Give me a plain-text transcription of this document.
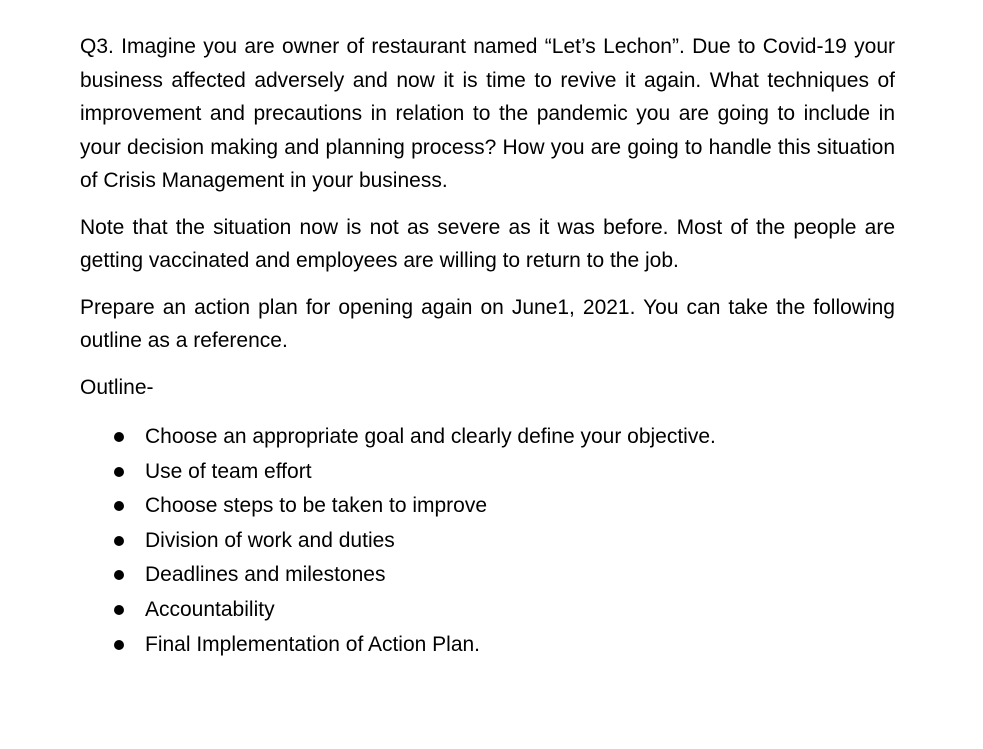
Q3. Imagine you are owner of restaurant named “Let’s Lechon”. Due to Covid-19 your business affected adversely and now it is time to revive it again. What techniques of improvement and precautions in relation to the pandemic you are going to include in your decision making and planning process? How you are going to handle this situation of Crisis Management in your business.

Note that the situation now is not as severe as it was before. Most of the people are getting vaccinated and employees are willing to return to the job.

Prepare an action plan for opening again on June1, 2021. You can take the following outline as a reference.

Outline-

Choose an appropriate goal and clearly define your objective.
Use of team effort
Choose steps to be taken to improve
Division of work and duties
Deadlines and milestones
Accountability
Final Implementation of Action Plan.
